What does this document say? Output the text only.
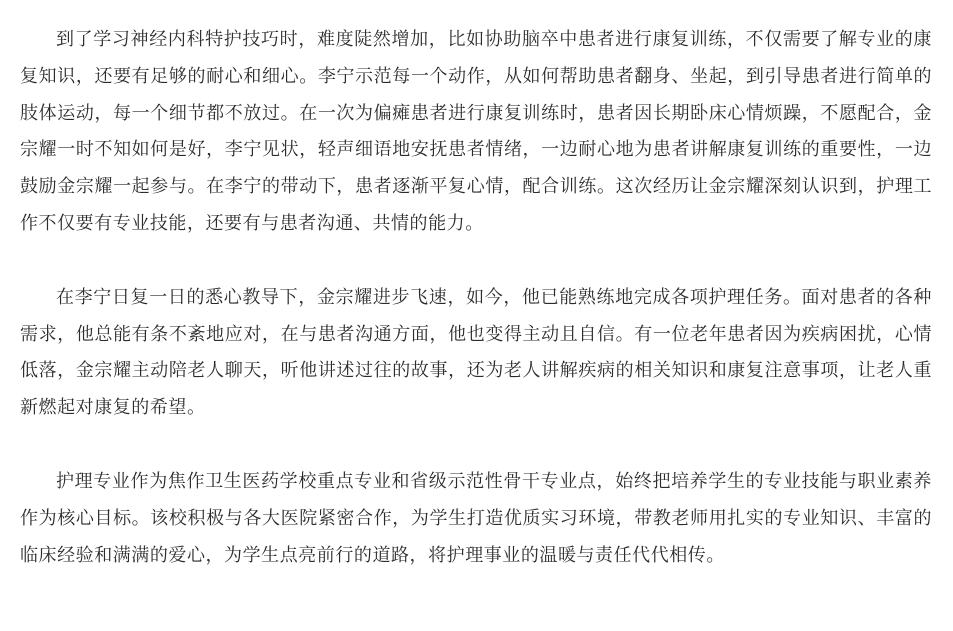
到了学习神经内科特护技巧时，难度陡然增加，比如协助脑卒中患者进行康复训练，不仅需要了解专业的康复知识，还要有足够的耐心和细心。李宁示范每一个动作，从如何帮助患者翻身、坐起，到引导患者进行简单的肢体运动，每一个细节都不放过。在一次为偏瘫患者进行康复训练时，患者因长期卧床心情烦躁，不愿配合，金宗耀一时不知如何是好，李宁见状，轻声细语地安抚患者情绪，一边耐心地为患者讲解康复训练的重要性，一边鼓励金宗耀一起参与。在李宁的带动下，患者逐渐平复心情，配合训练。这次经历让金宗耀深刻认识到，护理工作不仅要有专业技能，还要有与患者沟通、共情的能力。

在李宁日复一日的悉心教导下，金宗耀进步飞速，如今，他已能熟练地完成各项护理任务。面对患者的各种需求，他总能有条不紊地应对，在与患者沟通方面，他也变得主动且自信。有一位老年患者因为疾病困扰，心情低落，金宗耀主动陪老人聊天，听他讲述过往的故事，还为老人讲解疾病的相关知识和康复注意事项，让老人重新燃起对康复的希望。

护理专业作为焦作卫生医药学校重点专业和省级示范性骨干专业点，始终把培养学生的专业技能与职业素养作为核心目标。该校积极与各大医院紧密合作，为学生打造优质实习环境，带教老师用扎实的专业知识、丰富的临床经验和满满的爱心，为学生点亮前行的道路，将护理事业的温暖与责任代代相传。
